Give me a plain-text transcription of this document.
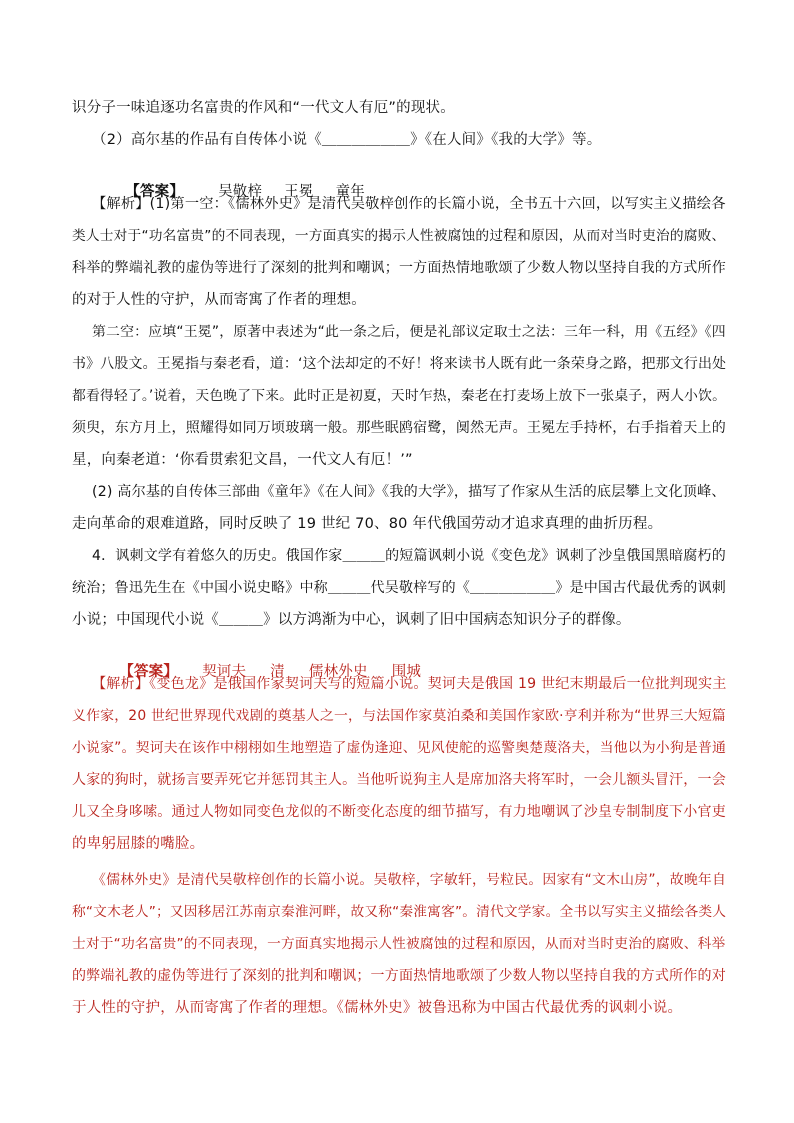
识分子一味追逐功名富贵的作风和“一代文人有厄”的现状。
（2）高尔基的作品有自传体小说《＿＿＿＿＿＿》《在人间》《我的大学》等。

【答案】 吴敬梓 王冕 童年

【解析】(1)第一空：《儒林外史》是清代吴敬梓创作的长篇小说，全书五十六回，以写实主义描绘各
类人士对于“功名富贵”的不同表现，一方面真实的揭示人性被腐蚀的过程和原因，从而对当时吏治的腐败、
科举的弊端礼教的虚伪等进行了深刻的批判和嘲讽；一方面热情地歌颂了少数人物以坚持自我的方式所作
的对于人性的守护，从而寄寓了作者的理想。
第二空：应填“王冕”，原著中表述为“此一条之后，便是礼部议定取士之法：三年一科，用《五经》《四
书》八股文。王冕指与秦老看，道：‘这个法却定的不好！将来读书人既有此一条荣身之路，把那文行出处
都看得轻了。’说着，天色晚了下来。此时正是初夏，天时乍热，秦老在打麦场上放下一张桌子，两人小饮。
须臾，东方月上，照耀得如同万顷玻璃一般。那些眠鸥宿鹭，阒然无声。王冕左手持杯，右手指着天上的
星，向秦老道：‘你看贯索犯文昌，一代文人有厄！’”
(2) 高尔基的自传体三部曲《童年》《在人间》《我的大学》，描写了作家从生活的底层攀上文化顶峰、
走向革命的艰难道路，同时反映了 19 世纪 70、80 年代俄国劳动才追求真理的曲折历程。
4．讽刺文学有着悠久的历史。俄国作家＿＿＿的短篇讽刺小说《变色龙》讽刺了沙皇俄国黑暗腐朽的
统治；鲁迅先生在《中国小说史略》中称＿＿＿代吴敬梓写的《＿＿＿＿＿＿》是中国古代最优秀的讽刺
小说；中国现代小说《＿＿＿》以方鸿渐为中心，讽刺了旧中国病态知识分子的群像。

【答案】 契诃夫 清 儒林外史 围城

【解析】《变色龙》是俄国作家契诃夫写的短篇小说。契诃夫是俄国 19 世纪末期最后一位批判现实主
义作家，20 世纪世界现代戏剧的奠基人之一，与法国作家莫泊桑和美国作家欧·亨利并称为“世界三大短篇
小说家”。契诃夫在该作中栩栩如生地塑造了虚伪逢迎、见风使舵的巡警奥楚蔑洛夫，当他以为小狗是普通
人家的狗时，就扬言要弄死它并惩罚其主人。当他听说狗主人是席加洛夫将军时，一会儿额头冒汗，一会
儿又全身哆嗦。通过人物如同变色龙似的不断变化态度的细节描写，有力地嘲讽了沙皇专制制度下小官吏
的卑躬屈膝的嘴脸。
《儒林外史》是清代吴敬梓创作的长篇小说。吴敬梓，字敏轩，号粒民。因家有“文木山房”，故晚年自
称“文木老人”；又因移居江苏南京秦淮河畔，故又称“秦淮寓客”。清代文学家。全书以写实主义描绘各类人
士对于“功名富贵”的不同表现，一方面真实地揭示人性被腐蚀的过程和原因，从而对当时吏治的腐败、科举
的弊端礼教的虚伪等进行了深刻的批判和嘲讽；一方面热情地歌颂了少数人物以坚持自我的方式所作的对
于人性的守护，从而寄寓了作者的理想。《儒林外史》被鲁迅称为中国古代最优秀的讽刺小说。
